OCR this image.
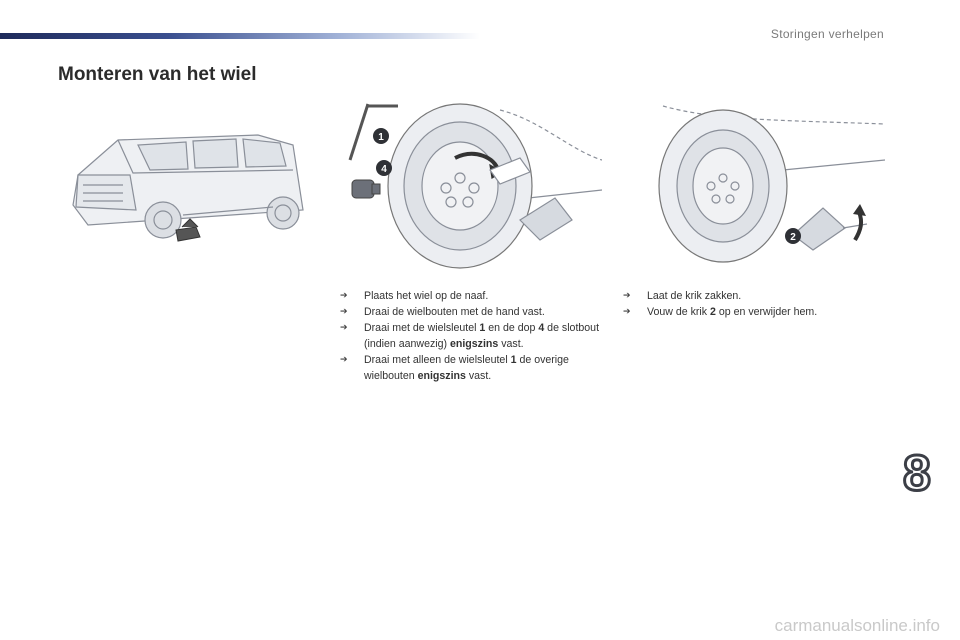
Storingen verhelpen
Monteren van het wiel
1
4
2
➔ Plaats het wiel op de naaf.
➔ Draai de wielbouten met de hand vast.
➔ Draai met de wielsleutel 1 en de dop 4 de slotbout (indien aanwezig) enigszins vast.
➔ Draai met alleen de wielsleutel 1 de overige wielbouten enigszins vast.
➔ Laat de krik zakken.
➔ Vouw de krik 2 op en verwijder hem.
8
carmanualsonline.info
